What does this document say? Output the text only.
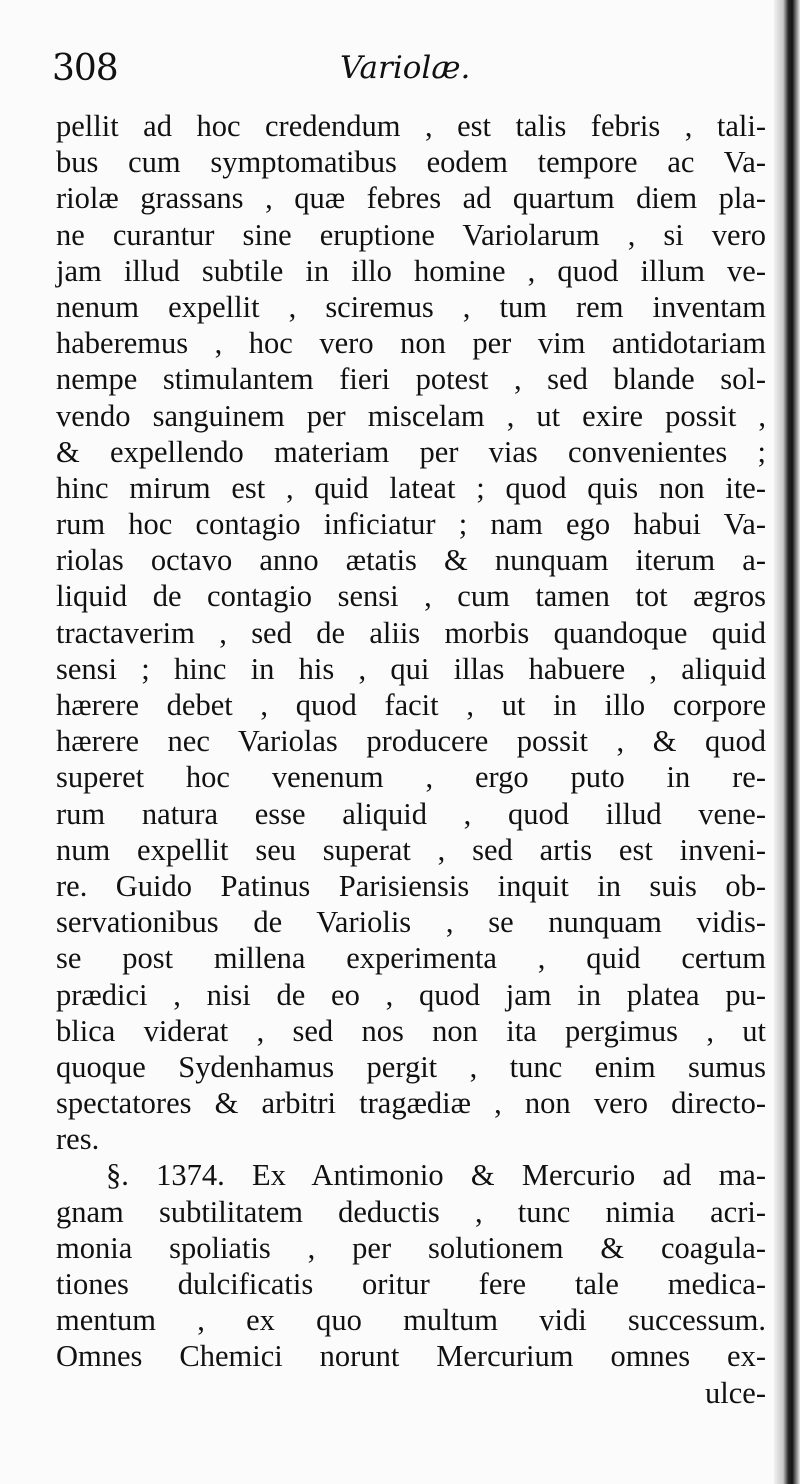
308	Variolæ.
pellit ad hoc credendum , est talis febris , tali-
bus cum symptomatibus eodem tempore ac Va-
riolæ grassans , quæ febres ad quartum diem pla-
ne curantur sine eruptione Variolarum , si vero
jam illud subtile in illo homine , quod illum ve-
nenum expellit , sciremus , tum rem inventam
haberemus , hoc vero non per vim antidotariam
nempe stimulantem fieri potest , sed blande sol-
vendo sanguinem per miscelam , ut exire possit ,
& expellendo materiam per vias convenientes ;
hinc mirum est , quid lateat ; quod quis non ite-
rum hoc contagio inficiatur ; nam ego habui Va-
riolas octavo anno ætatis & nunquam iterum a-
liquid de contagio sensi , cum tamen tot ægros
tractaverim , sed de aliis morbis quandoque quid
sensi ; hinc in his , qui illas habuere , aliquid
hærere debet , quod facit , ut in illo corpore
hærere nec Variolas producere possit , & quod
superet hoc venenum , ergo puto in re-
rum natura esse aliquid , quod illud vene-
num expellit seu superat , sed artis est inveni-
re. Guido Patinus Parisiensis inquit in suis ob-
servationibus de Variolis , se nunquam vidis-
se post millena experimenta , quid certum
prædici , nisi de eo , quod jam in platea pu-
blica viderat , sed nos non ita pergimus , ut
quoque Sydenhamus pergit , tunc enim sumus
spectatores & arbitri tragædiæ , non vero directo-
res.
§. 1374. Ex Antimonio & Mercurio ad ma-
gnam subtilitatem deductis , tunc nimia acri-
monia spoliatis , per solutionem & coagula-
tiones dulcificatis oritur fere tale medica-
mentum , ex quo multum vidi successum.
Omnes Chemici norunt Mercurium omnes ex-
ulce-
